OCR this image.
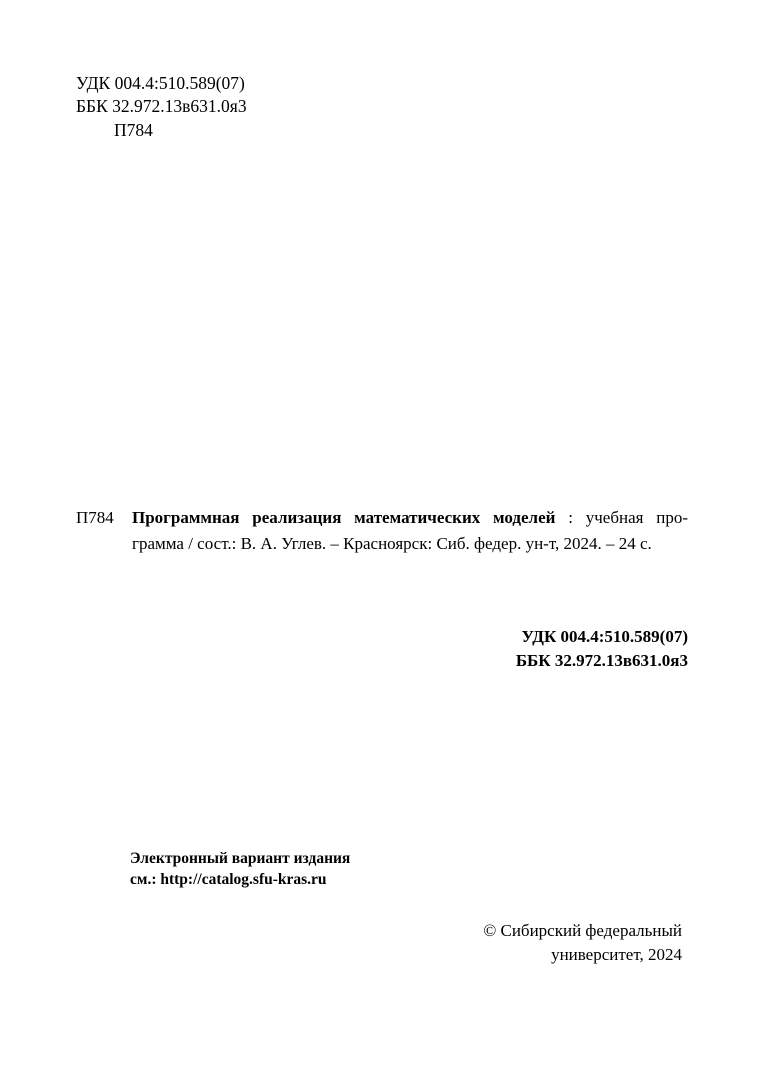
УДК 004.4:510.589(07)
ББК 32.972.13в631.0я3
П784
П784	Программная реализация математических моделей : учебная про-грамма / сост.: В. А. Углев. – Красноярск: Сиб. федер. ун-т, 2024. – 24 с.
УДК 004.4:510.589(07)
ББК 32.972.13в631.0я3
Электронный вариант издания
см.: http://catalog.sfu-kras.ru
© Сибирский федеральный
университет, 2024
